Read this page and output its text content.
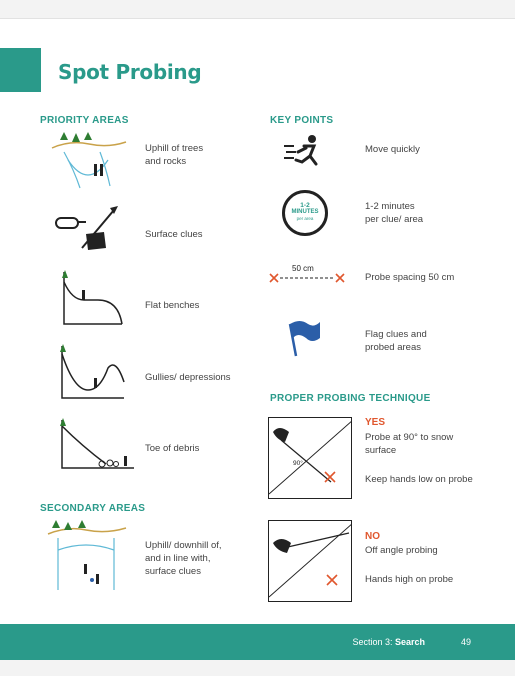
Spot Probing
PRIORITY AREAS
Uphill of trees
and rocks
Surface clues
Flat benches
Gullies/ depressions
Toe of debris
SECONDARY AREAS
Uphill/ downhill of,
and in line with,
surface clues
KEY POINTS
Move quickly
1-2
MINUTES
per area
1-2 minutes
per clue/ area
50 cm
Probe spacing 50 cm
Flag clues and
probed areas
PROPER PROBING TECHNIQUE
90°
YES
Probe at 90° to snow
surface
Keep hands low on probe
NO
Off angle probing
Hands high on probe
Section 3: Search	49
